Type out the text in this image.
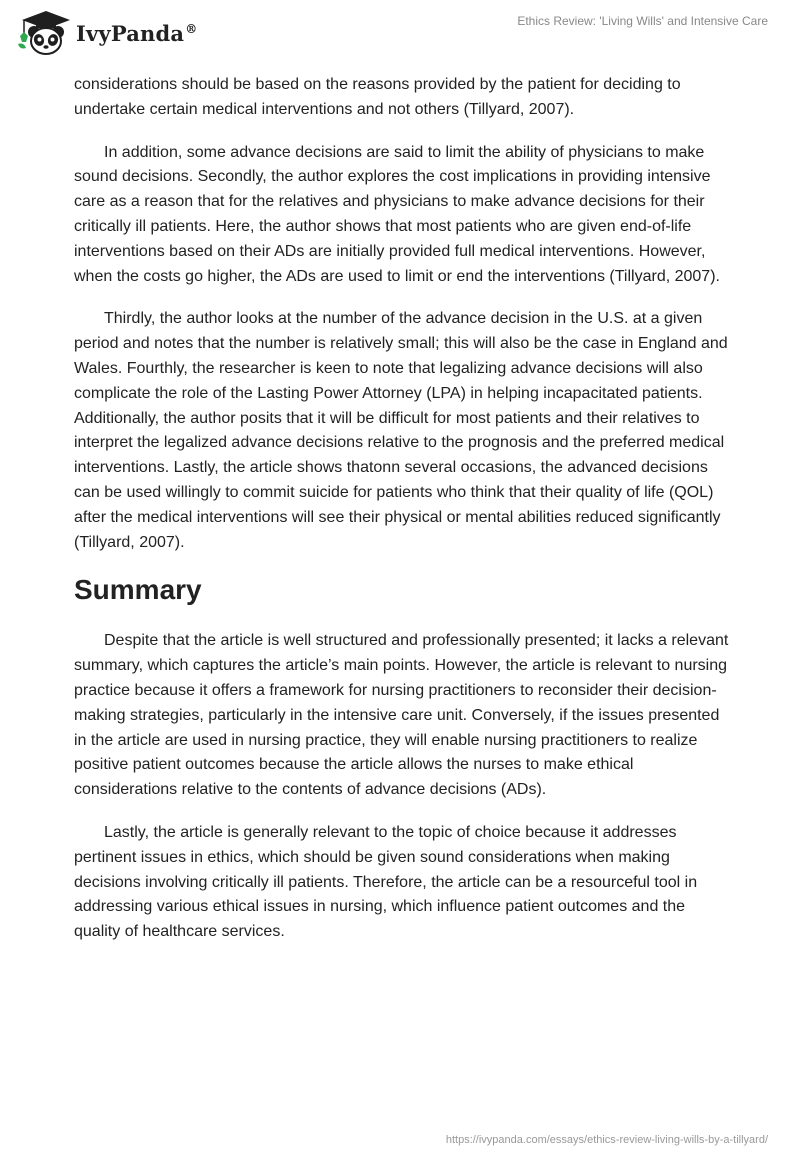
IvyPanda®
Ethics Review: 'Living Wills' and Intensive Care

considerations should be based on the reasons provided by the patient for deciding to undertake certain medical interventions and not others (Tillyard, 2007).

In addition, some advance decisions are said to limit the ability of physicians to make sound decisions. Secondly, the author explores the cost implications in providing intensive care as a reason that for the relatives and physicians to make advance decisions for their critically ill patients. Here, the author shows that most patients who are given end-of-life interventions based on their ADs are initially provided full medical interventions. However, when the costs go higher, the ADs are used to limit or end the interventions (Tillyard, 2007).

Thirdly, the author looks at the number of the advance decision in the U.S. at a given period and notes that the number is relatively small; this will also be the case in England and Wales. Fourthly, the researcher is keen to note that legalizing advance decisions will also complicate the role of the Lasting Power Attorney (LPA) in helping incapacitated patients. Additionally, the author posits that it will be difficult for most patients and their relatives to interpret the legalized advance decisions relative to the prognosis and the preferred medical interventions. Lastly, the article shows thatonn several occasions, the advanced decisions can be used willingly to commit suicide for patients who think that their quality of life (QOL) after the medical interventions will see their physical or mental abilities reduced significantly (Tillyard, 2007).

Summary

Despite that the article is well structured and professionally presented; it lacks a relevant summary, which captures the article’s main points. However, the article is relevant to nursing practice because it offers a framework for nursing practitioners to reconsider their decision-making strategies, particularly in the intensive care unit. Conversely, if the issues presented in the article are used in nursing practice, they will enable nursing practitioners to realize positive patient outcomes because the article allows the nurses to make ethical considerations relative to the contents of advance decisions (ADs).

Lastly, the article is generally relevant to the topic of choice because it addresses pertinent issues in ethics, which should be given sound considerations when making decisions involving critically ill patients. Therefore, the article can be a resourceful tool in addressing various ethical issues in nursing, which influence patient outcomes and the quality of healthcare services.

https://ivypanda.com/essays/ethics-review-living-wills-by-a-tillyard/
